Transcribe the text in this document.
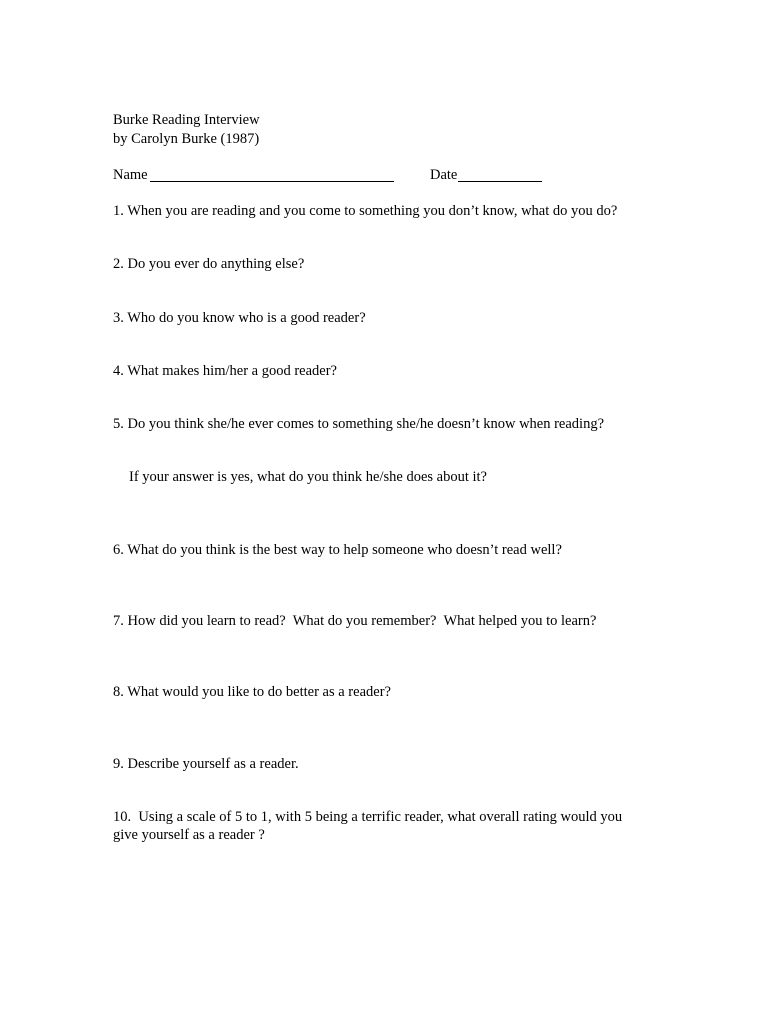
Burke Reading Interview
by Carolyn Burke (1987)

Name

	Date

1. When you are reading and you come to something you don’t know, what do you do?
2. Do you ever do anything else?
3. Who do you know who is a good reader?
4. What makes him/her a good reader?
5. Do you think she/he ever comes to something she/he doesn’t know when reading?
If your answer is yes, what do you think he/she does about it?
6. What do you think is the best way to help someone who doesn’t read well?
7. How did you learn to read?  What do you remember?  What helped you to learn?
8. What would you like to do better as a reader?
9. Describe yourself as a reader.
10.  Using a scale of 5 to 1, with 5 being a terrific reader, what overall rating would you
give yourself as a reader ?
